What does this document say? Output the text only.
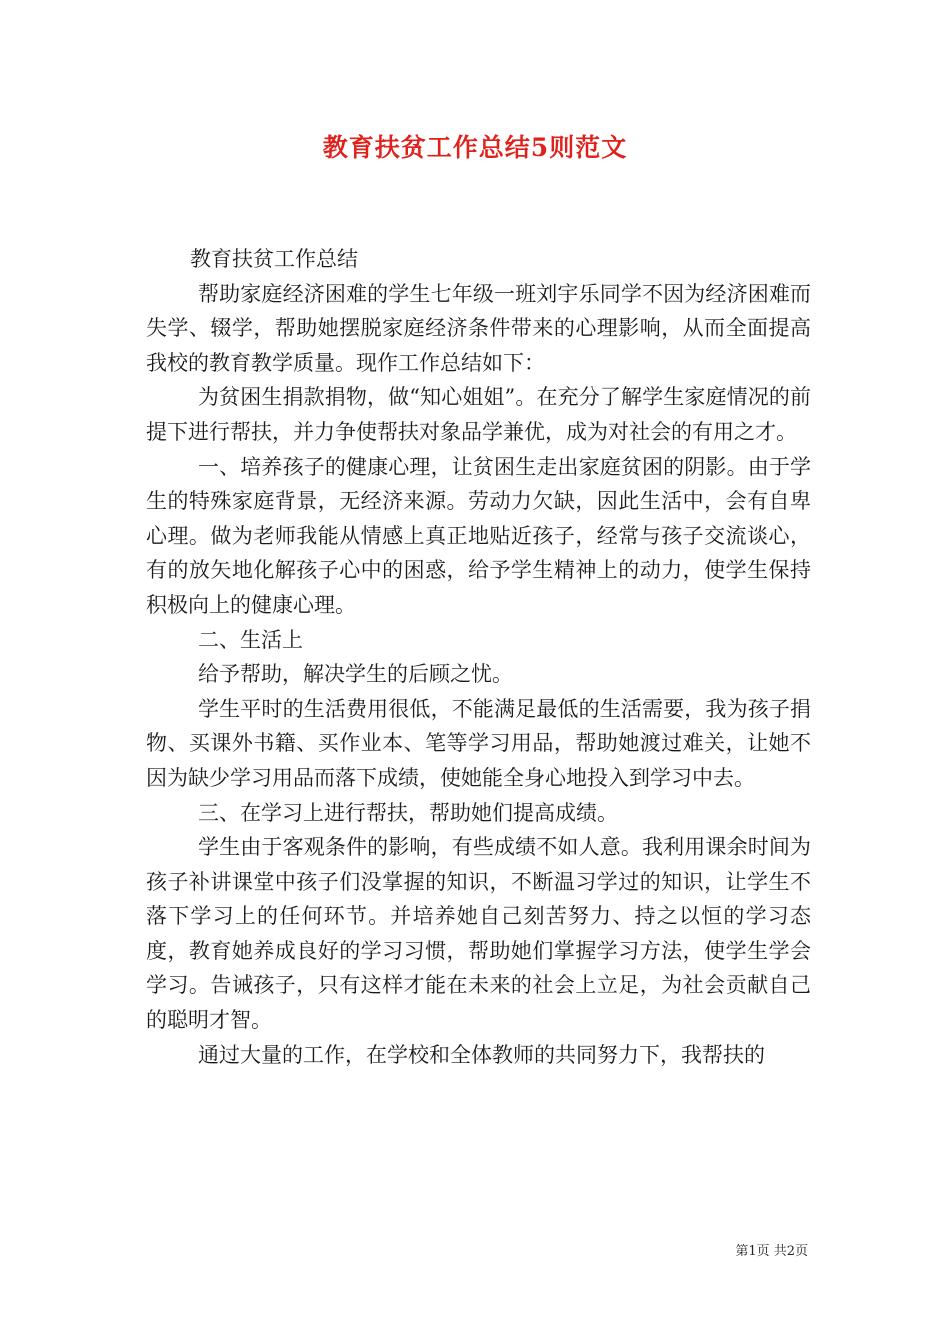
教育扶贫工作总结5则范文

教育扶贫工作总结

帮助家庭经济困难的学生七年级一班刘宇乐同学不因为经济困难而失学、辍学，帮助她摆脱家庭经济条件带来的心理影响，从而全面提高我校的教育教学质量。现作工作总结如下：

为贫困生捐款捐物，做“知心姐姐”。在充分了解学生家庭情况的前提下进行帮扶，并力争使帮扶对象品学兼优，成为对社会的有用之才。

一、培养孩子的健康心理，让贫困生走出家庭贫困的阴影。由于学生的特殊家庭背景，无经济来源。劳动力欠缺，因此生活中，会有自卑心理。做为老师我能从情感上真正地贴近孩子，经常与孩子交流谈心，有的放矢地化解孩子心中的困惑，给予学生精神上的动力，使学生保持积极向上的健康心理。

二、生活上

给予帮助，解决学生的后顾之忧。

学生平时的生活费用很低，不能满足最低的生活需要，我为孩子捐物、买课外书籍、买作业本、笔等学习用品，帮助她渡过难关，让她不因为缺少学习用品而落下成绩，使她能全身心地投入到学习中去。

三、在学习上进行帮扶，帮助她们提高成绩。

学生由于客观条件的影响，有些成绩不如人意。我利用课余时间为孩子补讲课堂中孩子们没掌握的知识，不断温习学过的知识，让学生不落下学习上的任何环节。并培养她自己刻苦努力、持之以恒的学习态度，教育她养成良好的学习习惯，帮助她们掌握学习方法，使学生学会学习。告诫孩子，只有这样才能在未来的社会上立足，为社会贡献自己的聪明才智。

通过大量的工作，在学校和全体教师的共同努力下，我帮扶的

第1页 共2页
